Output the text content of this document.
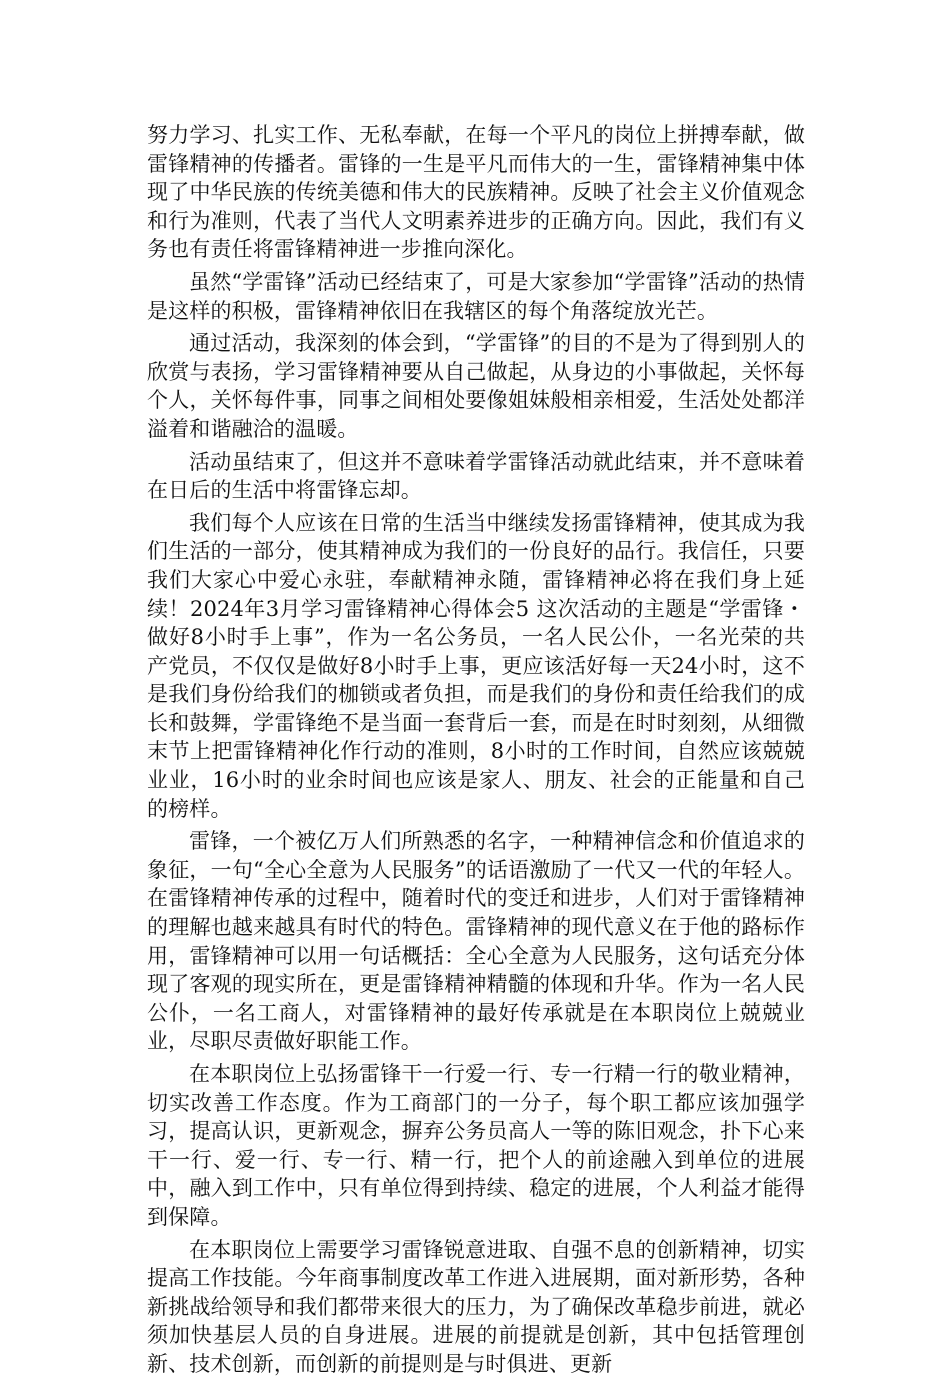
努力学习、扎实工作、无私奉献，在每一个平凡的岗位上拼搏奉献，做雷锋精神的传播者。雷锋的一生是平凡而伟大的一生，雷锋精神集中体现了中华民族的传统美德和伟大的民族精神。反映了社会主义价值观念和行为准则，代表了当代人文明素养进步的正确方向。因此，我们有义务也有责任将雷锋精神进一步推向深化。

虽然“学雷锋”活动已经结束了，可是大家参加“学雷锋”活动的热情是这样的积极，雷锋精神依旧在我辖区的每个角落绽放光芒。

通过活动，我深刻的体会到，“学雷锋”的目的不是为了得到别人的欣赏与表扬，学习雷锋精神要从自己做起，从身边的小事做起，关怀每个人，关怀每件事，同事之间相处要像姐妹般相亲相爱，生活处处都洋溢着和谐融洽的温暖。

活动虽结束了，但这并不意味着学雷锋活动就此结束，并不意味着在日后的生活中将雷锋忘却。

我们每个人应该在日常的生活当中继续发扬雷锋精神，使其成为我们生活的一部分，使其精神成为我们的一份良好的品行。我信任，只要我们大家心中爱心永驻，奉献精神永随，雷锋精神必将在我们身上延续！2024年3月学习雷锋精神心得体会5 这次活动的主题是“学雷锋・做好8小时手上事”，作为一名公务员，一名人民公仆，一名光荣的共产党员，不仅仅是做好8小时手上事，更应该活好每一天24小时，这不是我们身份给我们的枷锁或者负担，而是我们的身份和责任给我们的成长和鼓舞，学雷锋绝不是当面一套背后一套，而是在时时刻刻，从细微末节上把雷锋精神化作行动的准则，8小时的工作时间，自然应该兢兢业业，16小时的业余时间也应该是家人、朋友、社会的正能量和自己的榜样。

雷锋，一个被亿万人们所熟悉的名字，一种精神信念和价值追求的象征，一句“全心全意为人民服务”的话语激励了一代又一代的年轻人。在雷锋精神传承的过程中，随着时代的变迁和进步，人们对于雷锋精神的理解也越来越具有时代的特色。雷锋精神的现代意义在于他的路标作用，雷锋精神可以用一句话概括：全心全意为人民服务，这句话充分体现了客观的现实所在，更是雷锋精神精髓的体现和升华。作为一名人民公仆，一名工商人，对雷锋精神的最好传承就是在本职岗位上兢兢业业，尽职尽责做好职能工作。

在本职岗位上弘扬雷锋干一行爱一行、专一行精一行的敬业精神，切实改善工作态度。作为工商部门的一分子，每个职工都应该加强学习，提高认识，更新观念，摒弃公务员高人一等的陈旧观念，扑下心来干一行、爱一行、专一行、精一行，把个人的前途融入到单位的进展中，融入到工作中，只有单位得到持续、稳定的进展，个人利益才能得到保障。

在本职岗位上需要学习雷锋锐意进取、自强不息的创新精神，切实提高工作技能。今年商事制度改革工作进入进展期，面对新形势，各种新挑战给领导和我们都带来很大的压力，为了确保改革稳步前进，就必须加快基层人员的自身进展。进展的前提就是创新，其中包括管理创新、技术创新，而创新的前提则是与时俱进、更新
